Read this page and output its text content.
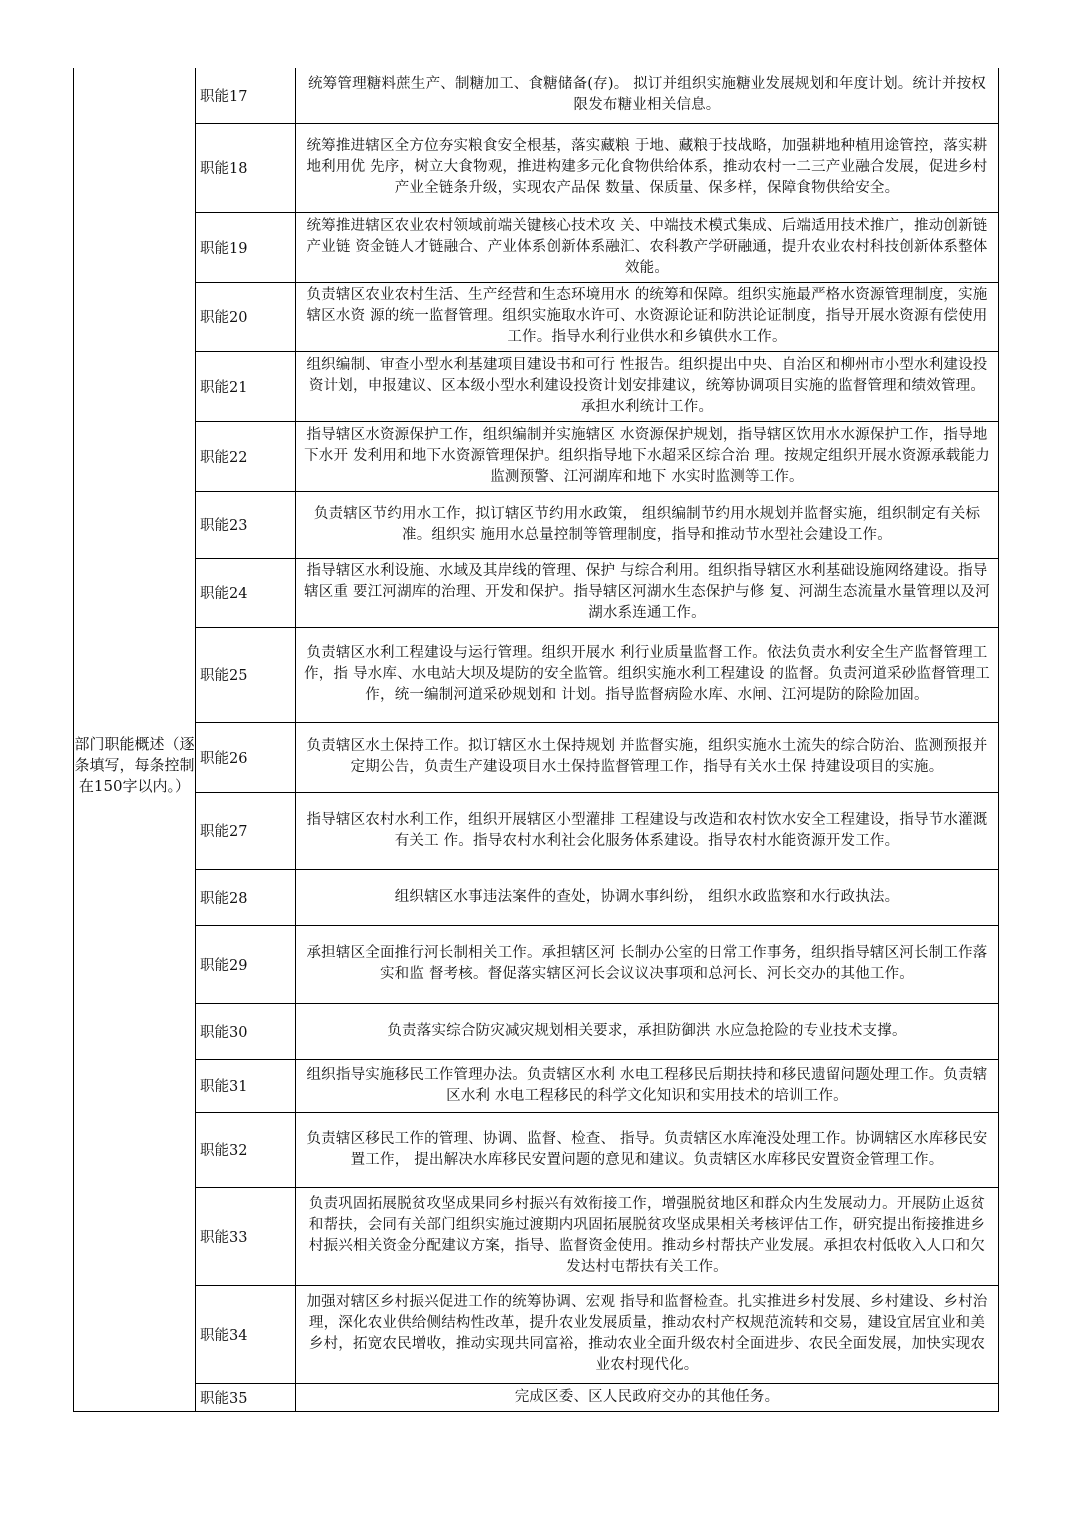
部门职能概述（逐条填写，每条控制在150字以内。）	职能17	统筹管理糖料蔗生产、制糖加工、食糖储备(存)。 拟订并组织实施糖业发展规划和年度计划。统计并按权限发布糖业相关信息。
	职能18	统筹推进辖区全方位夯实粮食安全根基，落实藏粮 于地、藏粮于技战略，加强耕地种植用途管控，落实耕地利用优 先序，树立大食物观，推进构建多元化食物供给体系，推动农村一二三产业融合发展，促进乡村产业全链条升级，实现农产品保 数量、保质量、保多样，保障食物供给安全。
	职能19	统筹推进辖区农业农村领域前端关键核心技术攻 关、中端技术模式集成、后端适用技术推广，推动创新链产业链 资金链人才链融合、产业体系创新体系融汇、农科教产学研融通，提升农业农村科技创新体系整体效能。
	职能20	负责辖区农业农村生活、生产经营和生态环境用水 的统筹和保障。组织实施最严格水资源管理制度，实施辖区水资 源的统一监督管理。组织实施取水许可、水资源论证和防洪论证制度，指导开展水资源有偿使用工作。指导水利行业供水和乡镇供水工作。
	职能21	组织编制、审查小型水利基建项目建设书和可行 性报告。组织提出中央、自治区和柳州市小型水利建设投资计划，申报建议、区本级小型水利建设投资计划安排建议，统筹协调项目实施的监督管理和绩效管理。承担水利统计工作。
	职能22	指导辖区水资源保护工作，组织编制并实施辖区 水资源保护规划，指导辖区饮用水水源保护工作，指导地下水开 发利用和地下水资源管理保护。组织指导地下水超采区综合治 理。按规定组织开展水资源承载能力监测预警、江河湖库和地下 水实时监测等工作。
	职能23	负责辖区节约用水工作，拟订辖区节约用水政策， 组织编制节约用水规划并监督实施，组织制定有关标准。组织实 施用水总量控制等管理制度，指导和推动节水型社会建设工作。
	职能24	指导辖区水利设施、水域及其岸线的管理、保护 与综合利用。组织指导辖区水利基础设施网络建设。指导辖区重 要江河湖库的治理、开发和保护。指导辖区河湖水生态保护与修 复、河湖生态流量水量管理以及河湖水系连通工作。
	职能25	负责辖区水利工程建设与运行管理。组织开展水 利行业质量监督工作。依法负责水利安全生产监督管理工作，指 导水库、水电站大坝及堤防的安全监管。组织实施水利工程建设 的监督。负责河道采砂监督管理工作，统一编制河道采砂规划和 计划。指导监督病险水库、水闸、江河堤防的除险加固。
	职能26	负责辖区水土保持工作。拟订辖区水土保持规划 并监督实施，组织实施水土流失的综合防治、监测预报并定期公告，负责生产建设项目水土保持监督管理工作，指导有关水土保 持建设项目的实施。
	职能27	指导辖区农村水利工作，组织开展辖区小型灌排 工程建设与改造和农村饮水安全工程建设，指导节水灌溉有关工 作。指导农村水利社会化服务体系建设。指导农村水能资源开发工作。
	职能28	组织辖区水事违法案件的查处，协调水事纠纷， 组织水政监察和水行政执法。
	职能29	承担辖区全面推行河长制相关工作。承担辖区河 长制办公室的日常工作事务，组织指导辖区河长制工作落实和监 督考核。督促落实辖区河长会议议决事项和总河长、河长交办的其他工作。
	职能30	负责落实综合防灾减灾规划相关要求，承担防御洪 水应急抢险的专业技术支撑。
	职能31	组织指导实施移民工作管理办法。负责辖区水利 水电工程移民后期扶持和移民遗留问题处理工作。负责辖区水利 水电工程移民的科学文化知识和实用技术的培训工作。
	职能32	负责辖区移民工作的管理、协调、监督、检查、 指导。负责辖区水库淹没处理工作。协调辖区水库移民安置工作， 提出解决水库移民安置问题的意见和建议。负责辖区水库移民安置资金管理工作。
	职能33	负责巩固拓展脱贫攻坚成果同乡村振兴有效衔接工作，增强脱贫地区和群众内生发展动力。开展防止返贫和帮扶，会同有关部门组织实施过渡期内巩固拓展脱贫攻坚成果相关考核评估工作，研究提出衔接推进乡村振兴相关资金分配建议方案，指导、监督资金使用。推动乡村帮扶产业发展。承担农村低收入人口和欠发达村屯帮扶有关工作。
	职能34	加强对辖区乡村振兴促进工作的统筹协调、宏观 指导和监督检查。扎实推进乡村发展、乡村建设、乡村治理，深化农业供给侧结构性改革，提升农业发展质量，推动农村产权规范流转和交易，建设宜居宜业和美乡村，拓宽农民增收，推动实现共同富裕，推动农业全面升级农村全面进步、农民全面发展，加快实现农业农村现代化。
	职能35	完成区委、区人民政府交办的其他任务。
